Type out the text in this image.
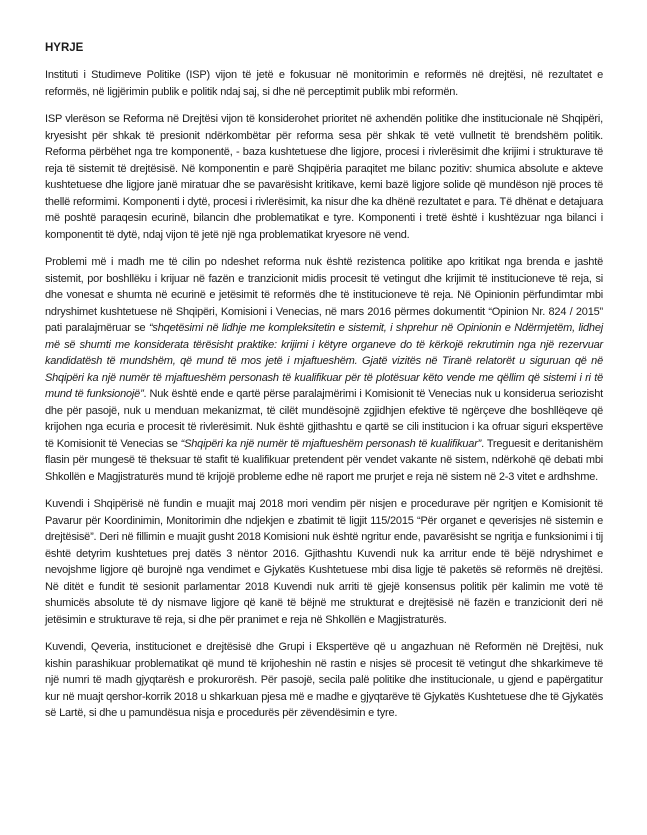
HYRJE

Instituti i Studimeve Politike (ISP) vijon të jetë e fokusuar në monitorimin e reformës në drejtësi, në rezultatet e reformës, në ligjërimin publik e politik ndaj saj, si dhe në perceptimit publik mbi reformën.

ISP vlerëson se Reforma në Drejtësi vijon të konsiderohet prioritet në axhendën politike dhe institucionale në Shqipëri, kryesisht për shkak të presionit ndërkombëtar për reforma sesa për shkak të vetë vullnetit të brendshëm politik. Reforma përbëhet nga tre komponentë, - baza kushtetuese dhe ligjore, procesi i rivlerësimit dhe krijimi i strukturave të reja të sistemit të drejtësisë. Në komponentin e parë Shqipëria paraqitet me bilanc pozitiv: shumica absolute e akteve kushtetuese dhe ligjore janë miratuar dhe se pavarësisht kritikave, kemi bazë ligjore solide që mundëson një proces të thellë reformimi. Komponenti i dytë, procesi i rivlerësimit, ka nisur dhe ka dhënë rezultatet e para. Të dhënat e detajuara më poshtë paraqesin ecurinë, bilancin dhe problematikat e tyre. Komponenti i tretë është i kushtëzuar nga bilanci i komponentit të dytë, ndaj vijon të jetë një nga problematikat kryesore në vend.

Problemi më i madh me të cilin po ndeshet reforma nuk është rezistenca politike apo kritikat nga brenda e jashtë sistemit, por boshllëku i krijuar në fazën e tranzicionit midis procesit të vetingut dhe krijimit të institucioneve të reja, si dhe vonesat e shumta në ecurinë e jetësimit të reformës dhe të institucioneve të reja. Në Opinionin përfundimtar mbi ndryshimet kushtetuese në Shqipëri, Komisioni i Venecias, në mars 2016 përmes dokumentit “Opinion Nr. 824 / 2015” pati paralajmëruar se “shqetësimi në lidhje me kompleksitetin e sistemit, i shprehur në Opinionin e Ndërmjetëm, lidhej më së shumti me konsiderata tërësisht praktike: krijimi i këtyre organeve do të kërkojë rekrutimin nga një rezervuar kandidatësh të mundshëm, që mund të mos jetë i mjaftueshëm. Gjatë vizitës në Tiranë relatorët u siguruan që në Shqipëri ka një numër të mjaftueshëm personash të kualifikuar për të plotësuar këto vende me qëllim që sistemi i ri të mund të funksionojë”. Nuk është ende e qartë përse paralajmërimi i Komisionit të Venecias nuk u konsiderua seriozisht dhe për pasojë, nuk u menduan mekanizmat, të cilët mundësojnë zgjidhjen efektive të ngërçeve dhe boshllëqeve që krijohen nga ecuria e procesit të rivlerësimit. Nuk është gjithashtu e qartë se cili institucion i ka ofruar siguri ekspertëve të Komisionit të Venecias se “Shqipëri ka një numër të mjaftueshëm personash të kualifikuar”. Treguesit e deritanishëm flasin për mungesë të theksuar të stafit të kualifikuar pretendent për vendet vakante në sistem, ndërkohë që debati mbi Shkollën e Magjistraturës mund të krijojë probleme edhe në raport me prurjet e reja në sistem në 2-3 vitet e ardhshme.

Kuvendi i Shqipërisë në fundin e muajit maj 2018 mori vendim për nisjen e procedurave për ngritjen e Komisionit të Pavarur për Koordinimin, Monitorimin dhe ndjekjen e zbatimit të ligjit 115/2015 “Për organet e qeverisjes në sistemin e drejtësisë”. Deri në fillimin e muajit gusht 2018 Komisioni nuk është ngritur ende, pavarësisht se ngritja e funksionimi i tij është detyrim kushtetues prej datës 3 nëntor 2016. Gjithashtu Kuvendi nuk ka arritur ende të bëjë ndryshimet e nevojshme ligjore që burojnë nga vendimet e Gjykatës Kushtetuese mbi disa ligje të paketës së reformës në drejtësi. Në ditët e fundit të sesionit parlamentar 2018 Kuvendi nuk arriti të gjejë konsensus politik për kalimin me votë të shumicës absolute të dy nismave ligjore që kanë të bëjnë me strukturat e drejtësisë në fazën e tranzicionit deri në jetësimin e strukturave të reja, si dhe për pranimet e reja në Shkollën e Magjistraturës.

Kuvendi, Qeveria, institucionet e drejtësisë dhe Grupi i Ekspertëve që u angazhuan në Reformën në Drejtësi, nuk kishin parashikuar problematikat që mund të krijoheshin në rastin e nisjes së procesit të vetingut dhe shkarkimeve të një numri të madh gjyqtarësh e prokurorësh. Për pasojë, secila palë politike dhe institucionale, u gjend e papërgatitur kur në muajt qershor-korrik 2018 u shkarkuan pjesa më e madhe e gjyqtarëve të Gjykatës Kushtetuese dhe të Gjykatës së Lartë, si dhe u pamundësua nisja e procedurës për zëvendësimin e tyre.
